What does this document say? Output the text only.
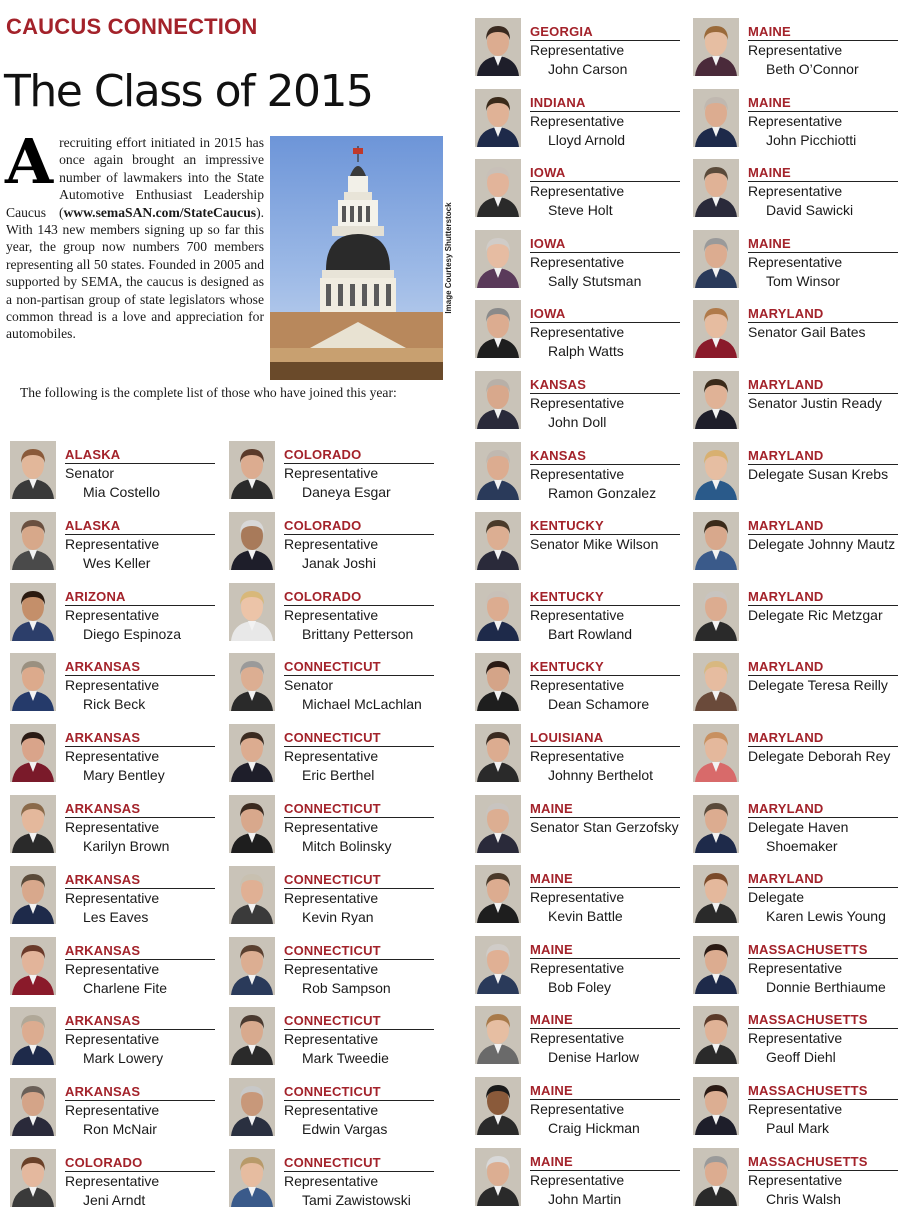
CAUCUS CONNECTION
The Class of 2015

Arecruiting effort initiated in 2015 has once again brought an impressive number of lawmakers into the State Automotive Enthusiast Leadership Caucus (www.semaSAN.com/StateCaucus). With 143 new members signing up so far this year, the group now numbers 700 members representing all 50 states. Founded in 2005 and supported by SEMA, the caucus is designed as a non-partisan group of state legislators whose common thread is a love and appreciation for automobiles.

Image Courtesy Shutterstock

The following is the complete list of those who have joined this year:

ALASKA
Senator
Mia Costello
ALASKA
Representative
Wes Keller
ARIZONA
Representative
Diego Espinoza
ARKANSAS
Representative
Rick Beck
ARKANSAS
Representative
Mary Bentley
ARKANSAS
Representative
Karilyn Brown
ARKANSAS
Representative
Les Eaves
ARKANSAS
Representative
Charlene Fite
ARKANSAS
Representative
Mark Lowery
ARKANSAS
Representative
Ron McNair
COLORADO
Representative
Jeni Arndt
COLORADO
Representative
Daneya Esgar
COLORADO
Representative
Janak Joshi
COLORADO
Representative
Brittany Petterson
CONNECTICUT
Senator
Michael McLachlan
CONNECTICUT
Representative
Eric Berthel
CONNECTICUT
Representative
Mitch Bolinsky
CONNECTICUT
Representative
Kevin Ryan
CONNECTICUT
Representative
Rob Sampson
CONNECTICUT
Representative
Mark Tweedie
CONNECTICUT
Representative
Edwin Vargas
CONNECTICUT
Representative
Tami Zawistowski
GEORGIA
Representative
John Carson
INDIANA
Representative
Lloyd Arnold
IOWA
Representative
Steve Holt
IOWA
Representative
Sally Stutsman
IOWA
Representative
Ralph Watts
KANSAS
Representative
John Doll
KANSAS
Representative
Ramon Gonzalez
KENTUCKY
Senator Mike Wilson
KENTUCKY
Representative
Bart Rowland
KENTUCKY
Representative
Dean Schamore
LOUISIANA
Representative
Johnny Berthelot
MAINE
Senator Stan Gerzofsky
MAINE
Representative
Kevin Battle
MAINE
Representative
Bob Foley
MAINE
Representative
Denise Harlow
MAINE
Representative
Craig Hickman
MAINE
Representative
John Martin
MAINE
Representative
Beth O’Connor
MAINE
Representative
John Picchiotti
MAINE
Representative
David Sawicki
MAINE
Representative
Tom Winsor
MARYLAND
Senator Gail Bates
MARYLAND
Senator Justin Ready
MARYLAND
Delegate Susan Krebs
MARYLAND
Delegate Johnny Mautz
MARYLAND
Delegate Ric Metzgar
MARYLAND
Delegate Teresa Reilly
MARYLAND
Delegate Deborah Rey
MARYLAND
Delegate Haven
Shoemaker
MARYLAND
Delegate
Karen Lewis Young
MASSACHUSETTS
Representative
Donnie Berthiaume
MASSACHUSETTS
Representative
Geoff Diehl
MASSACHUSETTS
Representative
Paul Mark
MASSACHUSETTS
Representative
Chris Walsh
